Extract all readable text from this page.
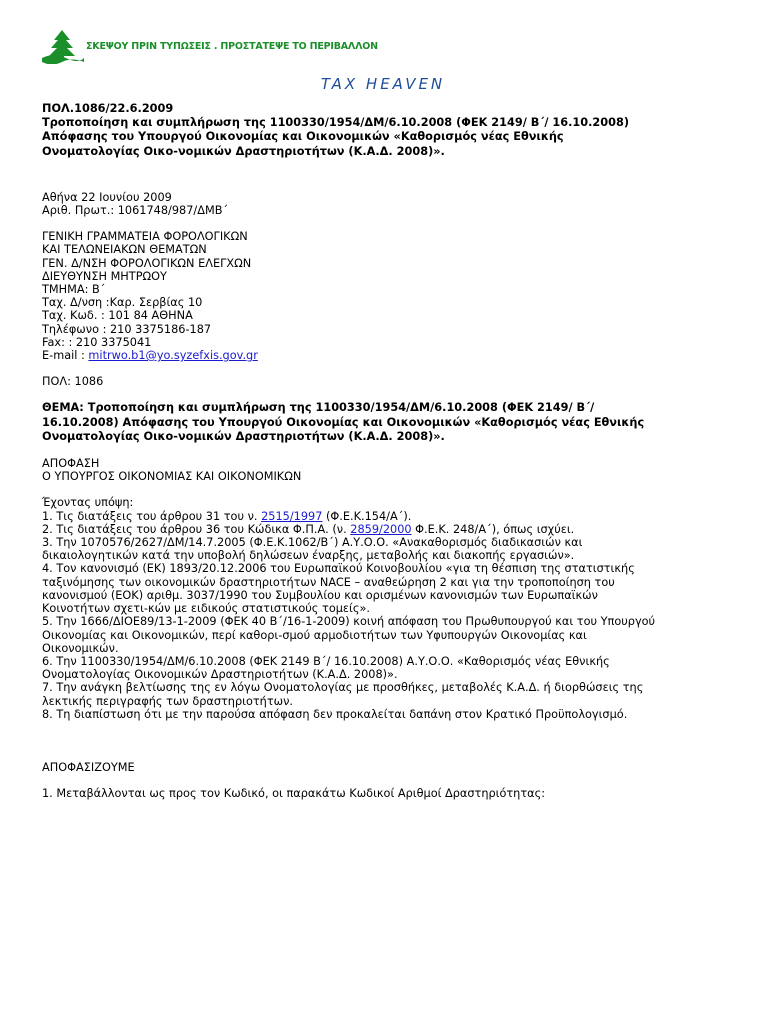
ΣΚΕΨΟΥ ΠΡΙΝ ΤΥΠΩΣΕΙΣ . ΠΡΟΣΤΑΤΕΨΕ ΤΟ ΠΕΡΙΒΑΛΛΟΝ
TAX HEAVEN
ΠΟΛ.1086/22.6.2009
Τροποποίηση και συμπλήρωση της 1100330/1954/ΔΜ/6.10.2008 (ΦΕΚ 2149/ Β΄/ 16.10.2008)
Απόφασης του Υπουργού Οικονομίας και Οικονομικών «Καθορισμός νέας Εθνικής
Ονοματολογίας Οικο-νομικών Δραστηριοτήτων (Κ.Α.Δ. 2008)».
Αθήνα 22 Ιουνίου 2009
Αριθ. Πρωτ.: 1061748/987/ΔΜΒ΄
ΓΕΝΙΚΗ ΓΡΑΜΜΑΤΕΙΑ ΦΟΡΟΛΟΓΙΚΩΝ
ΚΑΙ ΤΕΛΩΝΕΙΑΚΩΝ ΘΕΜΑΤΩΝ
ΓΕΝ. Δ/ΝΣΗ ΦΟΡΟΛΟΓΙΚΩΝ ΕΛΕΓΧΩΝ
ΔΙΕΥΘΥΝΣΗ ΜΗΤΡΩΟΥ
ΤΜΗΜΑ: Β΄
Ταχ. Δ/νση :Καρ. Σερβίας 10
Ταχ. Κωδ. : 101 84 ΑΘΗΝΑ
Τηλέφωνο : 210 3375186-187
Fax: : 210 3375041
E-mail : mitrwo.b1@yo.syzefxis.gov.gr
ΠΟΛ: 1086
ΘΕΜΑ: Τροποποίηση και συμπλήρωση της 1100330/1954/ΔΜ/6.10.2008 (ΦΕΚ 2149/ Β΄/
16.10.2008) Απόφασης του Υπουργού Οικονομίας και Οικονομικών «Καθορισμός νέας Εθνικής
Ονοματολογίας Οικο-νομικών Δραστηριοτήτων (Κ.Α.Δ. 2008)».
ΑΠΟΦΑΣΗ
Ο ΥΠΟΥΡΓΟΣ ΟΙΚΟΝΟΜΙΑΣ ΚΑΙ ΟΙΚΟΝΟΜΙΚΩΝ
Έχοντας υπόψη:
1. Τις διατάξεις του άρθρου 31 του ν. 2515/1997 (Φ.Ε.Κ.154/Α΄).
2. Τις διατάξεις του άρθρου 36 του Κώδικα Φ.Π.Α. (ν. 2859/2000 Φ.Ε.Κ. 248/Α΄), όπως ισχύει.
3. Την 1070576/2627/ΔΜ/14.7.2005 (Φ.Ε.Κ.1062/Β΄) Α.Υ.Ο.Ο. «Ανακαθορισμός διαδικασιών και
δικαιολογητικών κατά την υποβολή δηλώσεων έναρξης, μεταβολής και διακοπής εργασιών».
4. Τον κανονισμό (ΕΚ) 1893/20.12.2006 του Ευρωπαϊκού Κοινοβουλίου «για τη θέσπιση της στατιστικής
ταξινόμησης των οικονομικών δραστηριοτήτων NACE – αναθεώρηση 2 και για την τροποποίηση του
κανονισμού (ΕΟΚ) αριθμ. 3037/1990 του Συμβουλίου και ορισμένων κανονισμών των Ευρωπαϊκών
Κοινοτήτων σχετι-κών με ειδικούς στατιστικούς τομείς».
5. Την 1666/ΔΙΟΕ89/13-1-2009 (ΦΕΚ 40 Β΄/16-1-2009) κοινή απόφαση του Πρωθυπουργού και του Υπουργού
Οικονομίας και Οικονομικών, περί καθορι-σμού αρμοδιοτήτων των Υφυπουργών Οικονομίας και
Οικονομικών.
6. Την 1100330/1954/ΔΜ/6.10.2008 (ΦΕΚ 2149 Β΄/ 16.10.2008) Α.Υ.Ο.Ο. «Καθορισμός νέας Εθνικής
Ονοματολογίας Οικονομικών Δραστηριοτήτων (Κ.Α.Δ. 2008)».
7. Την ανάγκη βελτίωσης της εν λόγω Ονοματολογίας με προσθήκες, μεταβολές Κ.Α.Δ. ή διορθώσεις της
λεκτικής περιγραφής των δραστηριοτήτων.
8. Τη διαπίστωση ότι με την παρούσα απόφαση δεν προκαλείται δαπάνη στον Κρατικό Προϋπολογισμό.
ΑΠΟΦΑΣΙΖΟΥΜΕ
1. Μεταβάλλονται ως προς τον Κωδικό, οι παρακάτω Κωδικοί Αριθμοί Δραστηριότητας:
